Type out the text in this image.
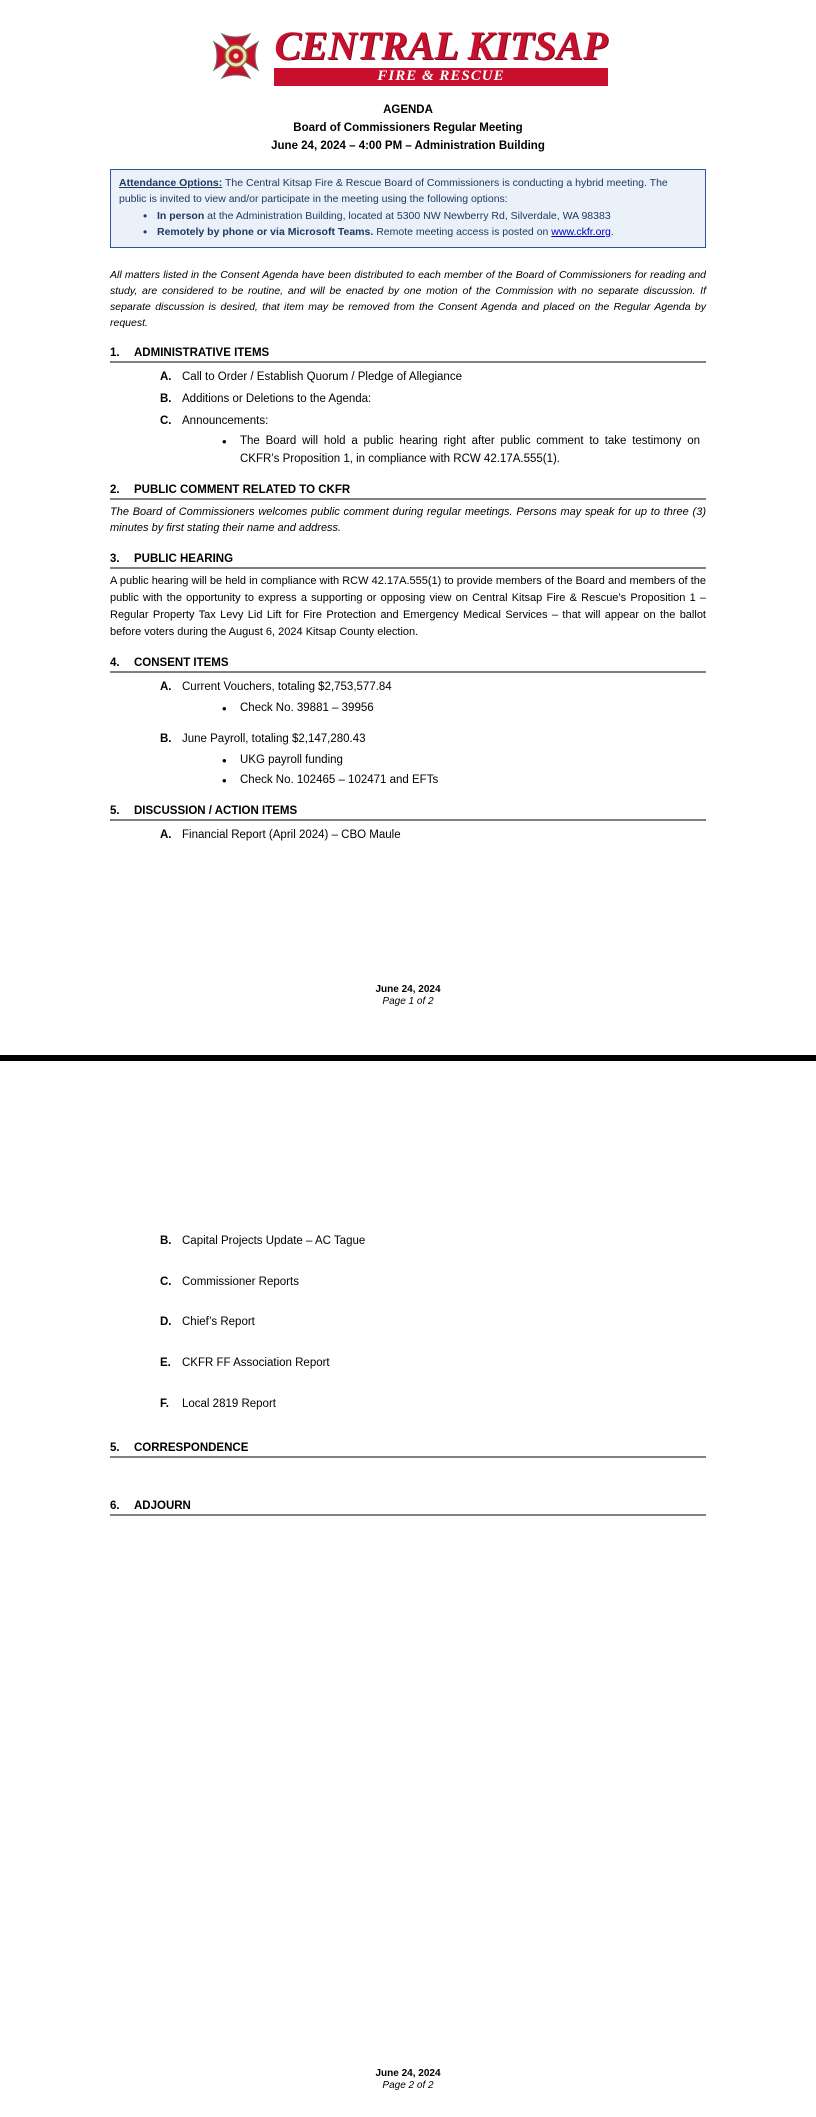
CENTRAL KITSAP
FIRE & RESCUE
AGENDA
Board of Commissioners Regular Meeting
June 24, 2024 – 4:00 PM – Administration Building
Attendance Options: The Central Kitsap Fire & Rescue Board of Commissioners is conducting a hybrid meeting. The public is invited to view and/or participate in the meeting using the following options:
• In person at the Administration Building, located at 5300 NW Newberry Rd, Silverdale, WA 98383
• Remotely by phone or via Microsoft Teams. Remote meeting access is posted on www.ckfr.org.
All matters listed in the Consent Agenda have been distributed to each member of the Board of Commissioners for reading and study, are considered to be routine, and will be enacted by one motion of the Commission with no separate discussion. If separate discussion is desired, that item may be removed from the Consent Agenda and placed on the Regular Agenda by request.
1.	ADMINISTRATIVE ITEMS
A. Call to Order / Establish Quorum / Pledge of Allegiance
B. Additions or Deletions to the Agenda:
C. Announcements:
• The Board will hold a public hearing right after public comment to take testimony on CKFR’s Proposition 1, in compliance with RCW 42.17A.555(1).
2.	PUBLIC COMMENT RELATED TO CKFR
The Board of Commissioners welcomes public comment during regular meetings. Persons may speak for up to three (3) minutes by first stating their name and address.
3.	PUBLIC HEARING
A public hearing will be held in compliance with RCW 42.17A.555(1) to provide members of the Board and members of the public with the opportunity to express a supporting or opposing view on Central Kitsap Fire & Rescue’s Proposition 1 – Regular Property Tax Levy Lid Lift for Fire Protection and Emergency Medical Services – that will appear on the ballot before voters during the August 6, 2024 Kitsap County election.
4.	CONSENT ITEMS
A. Current Vouchers, totaling $2,753,577.84
• Check No. 39881 – 39956
B. June Payroll, totaling $2,147,280.43
• UKG payroll funding
• Check No. 102465 – 102471 and EFTs
5.	DISCUSSION / ACTION ITEMS
A. Financial Report (April 2024) – CBO Maule
June 24, 2024
Page 1 of 2
B. Capital Projects Update – AC Tague
C. Commissioner Reports
D. Chief’s Report
E. CKFR FF Association Report
F.	Local 2819 Report
5.	CORRESPONDENCE
6.	ADJOURN
June 24, 2024
Page 2 of 2
